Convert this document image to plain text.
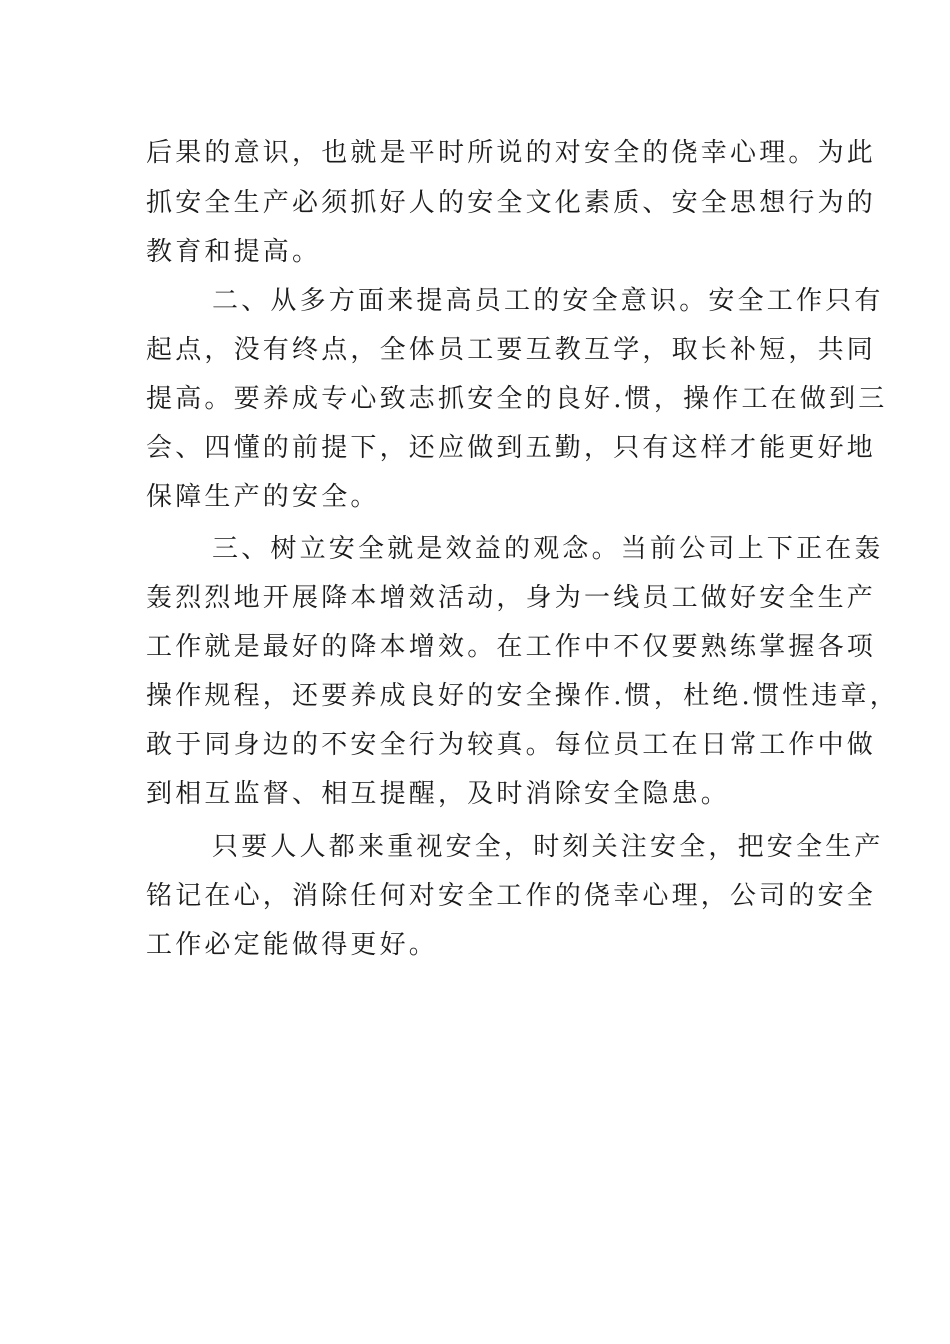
后果的意识，也就是平时所说的对安全的侥幸心理。为此
抓安全生产必须抓好人的安全文化素质、安全思想行为的
教育和提高。
二、从多方面来提高员工的安全意识。安全工作只有
起点，没有终点，全体员工要互教互学，取长补短，共同
提高。要养成专心致志抓安全的良好.惯，操作工在做到三
会、四懂的前提下，还应做到五勤，只有这样才能更好地
保障生产的安全。
三、树立安全就是效益的观念。当前公司上下正在轰
轰烈烈地开展降本增效活动，身为一线员工做好安全生产
工作就是最好的降本增效。在工作中不仅要熟练掌握各项
操作规程，还要养成良好的安全操作.惯，杜绝.惯性违章，
敢于同身边的不安全行为较真。每位员工在日常工作中做
到相互监督、相互提醒，及时消除安全隐患。
只要人人都来重视安全，时刻关注安全，把安全生产
铭记在心，消除任何对安全工作的侥幸心理，公司的安全
工作必定能做得更好。
